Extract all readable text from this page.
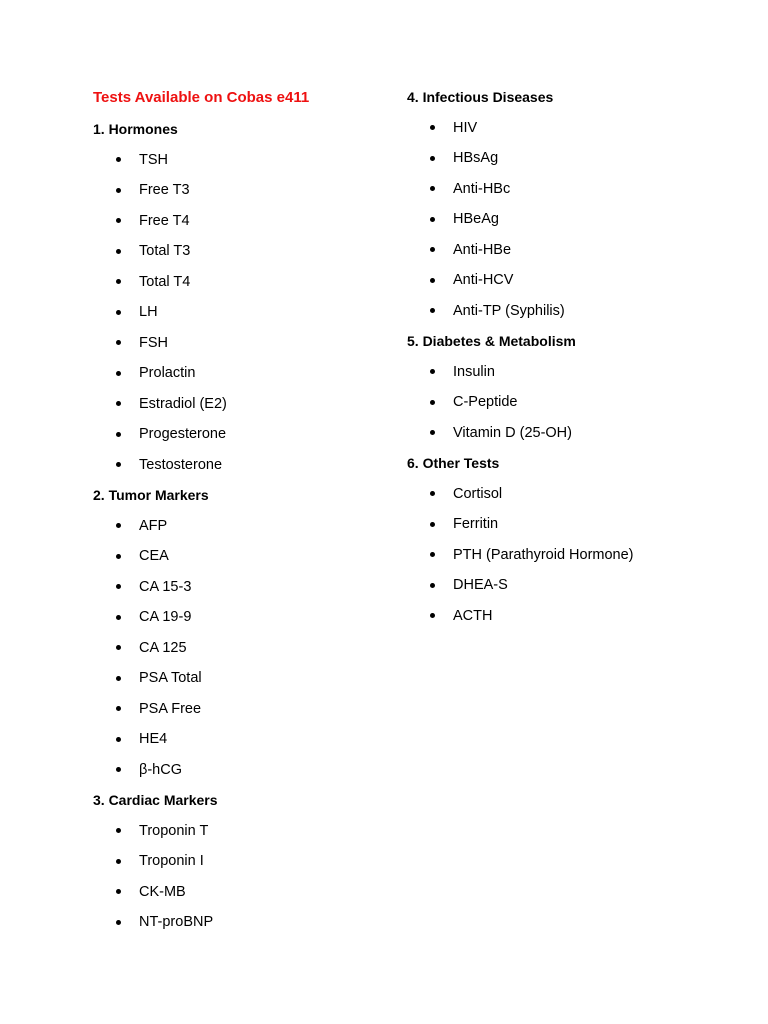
Tests Available on Cobas e411
1. Hormones
TSH
Free T3
Free T4
Total T3
Total T4
LH
FSH
Prolactin
Estradiol (E2)
Progesterone
Testosterone
2. Tumor Markers
AFP
CEA
CA 15-3
CA 19-9
CA 125
PSA Total
PSA Free
HE4
β-hCG
3. Cardiac Markers
Troponin T
Troponin I
CK-MB
NT-proBNP
4. Infectious Diseases
HIV
HBsAg
Anti-HBc
HBeAg
Anti-HBe
Anti-HCV
Anti-TP (Syphilis)
5. Diabetes & Metabolism
Insulin
C-Peptide
Vitamin D (25-OH)
6. Other Tests
Cortisol
Ferritin
PTH (Parathyroid Hormone)
DHEA-S
ACTH
